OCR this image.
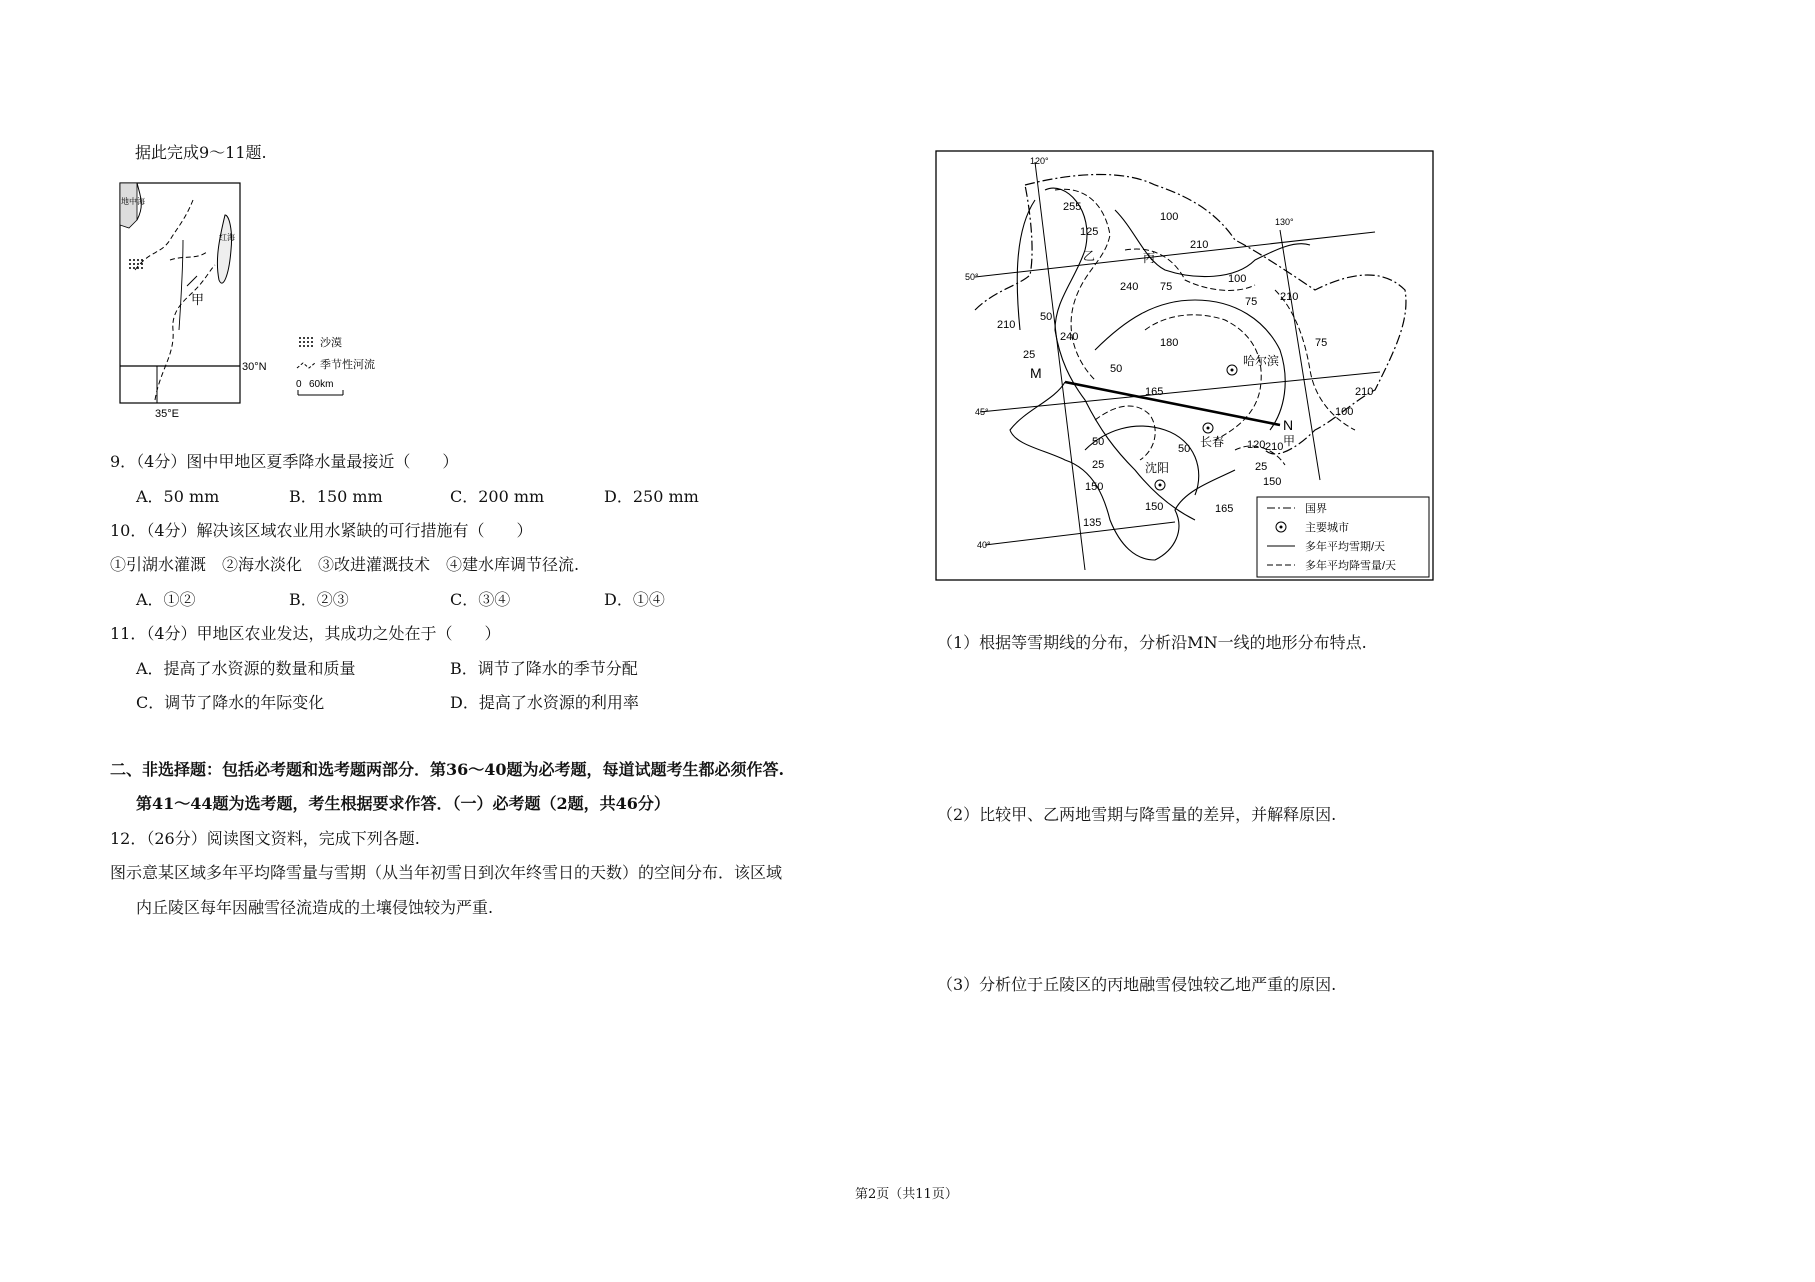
据此完成9～11题.
地中海
红海
甲
30°N
35°E
沙漠
季节性河流
0 60km
9．（4分）图中甲地区夏季降水量最接近（　　）
A．50 mm	B．150 mm	C．200 mm	D．250 mm
10．（4分）解决该区域农业用水紧缺的可行措施有（　　）
①引湖水灌溉　②海水淡化　③改进灌溉技术　④建水库调节径流.
A．①②	B．②③	C．③④	D．①④
11．（4分）甲地区农业发达，其成功之处在于（　　）
A．提高了水资源的数量和质量	B．调节了降水的季节分配
C．调节了降水的年际变化	D．提高了水资源的利用率
二、非选择题：包括必考题和选考题两部分．第36～40题为必考题，每道试题考生都必须作答.
第41～44题为选考题，考生根据要求作答．（一）必考题（2题，共46分）
12．（26分）阅读图文资料，完成下列各题.
图示意某区域多年平均降雪量与雪期（从当年初雪日到次年终雪日的天数）的空间分布．该区域
内丘陵区每年因融雪径流造成的土壤侵蚀较为严重.
120°
130°
50°
45°
40°
M
N
乙	丙
甲
哈尔滨
长春
沈阳
255
125
100
210
240 75
100
75 210
210
50
240
25
50
180
165
75
210
100
50
25
50
150
150
135
165
120
25
210
150
国界
主要城市
多年平均雪期/天
多年平均降雪量/天
（1）根据等雪期线的分布，分析沿MN一线的地形分布特点.
（2）比较甲、乙两地雪期与降雪量的差异，并解释原因.
（3）分析位于丘陵区的丙地融雪侵蚀较乙地严重的原因.
第2页（共11页）
